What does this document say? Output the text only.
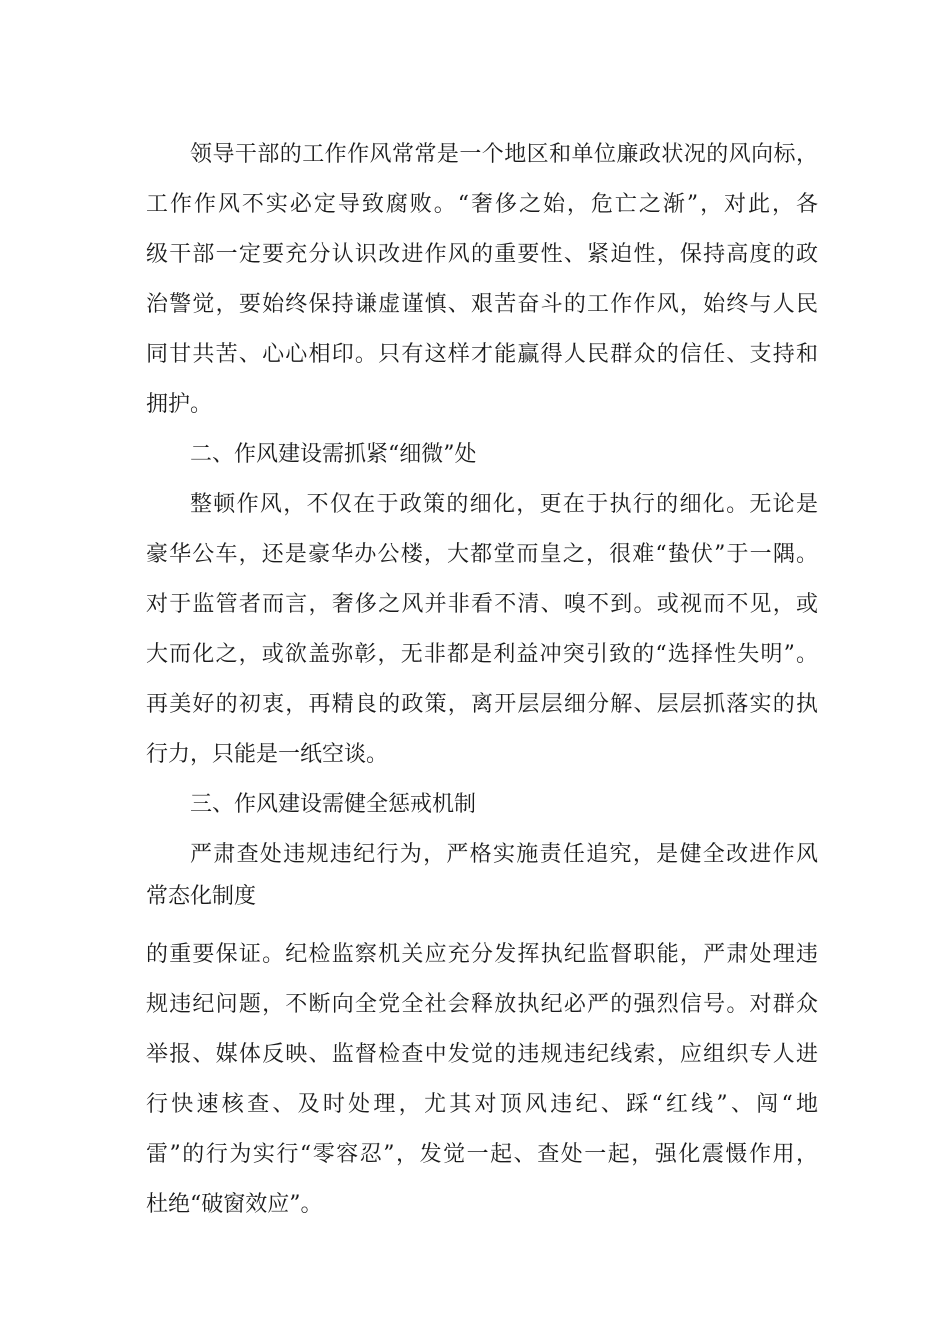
领导干部的工作作风常常是一个地区和单位廉政状况的风向标，
工作作风不实必定导致腐败。“奢侈之始，危亡之渐”，对此，各
级干部一定要充分认识改进作风的重要性、紧迫性，保持高度的政
治警觉，要始终保持谦虚谨慎、艰苦奋斗的工作作风，始终与人民
同甘共苦、心心相印。只有这样才能赢得人民群众的信任、支持和
拥护。
二、作风建设需抓紧“细微”处
整顿作风，不仅在于政策的细化，更在于执行的细化。无论是
豪华公车，还是豪华办公楼，大都堂而皇之，很难“蛰伏”于一隅。
对于监管者而言，奢侈之风并非看不清、嗅不到。或视而不见，或
大而化之，或欲盖弥彰，无非都是利益冲突引致的“选择性失明”。
再美好的初衷，再精良的政策，离开层层细分解、层层抓落实的执
行力，只能是一纸空谈。
三、作风建设需健全惩戒机制
严肃查处违规违纪行为，严格实施责任追究，是健全改进作风
常态化制度
的重要保证。纪检监察机关应充分发挥执纪监督职能，严肃处理违
规违纪问题，不断向全党全社会释放执纪必严的强烈信号。对群众
举报、媒体反映、监督检查中发觉的违规违纪线索，应组织专人进
行快速核查、及时处理，尤其对顶风违纪、踩“红线”、闯“地
雷”的行为实行“零容忍”，发觉一起、查处一起，强化震慑作用，
杜绝“破窗效应”。
